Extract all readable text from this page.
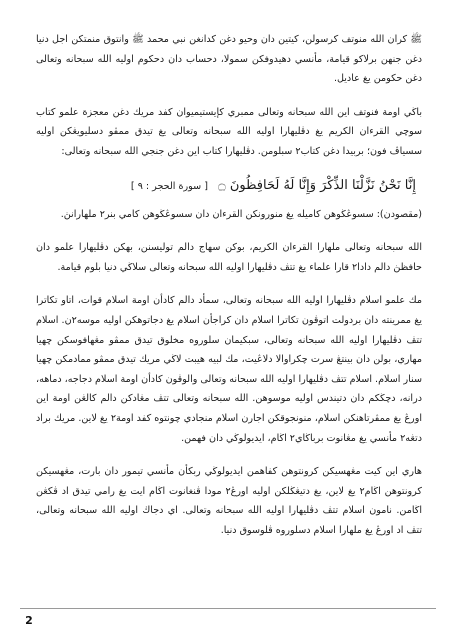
ﷺ كران الله منوتف كرسولن، كيتين دان وحيو دغن كدانغن نبي محمد ﷺ وانتوق منمتكن اجل دنيا دغن جنهن برلاكو قيامة، مأنسي دهيدوفكن سمولا، دحساب دان دحكوم اوليه الله سبحانه وتعالى دغن حكومن يغ عاديل.

باڬي اومة فنوتف اين الله سبحانه وتعالى ممبري كإيستيميوان كفد مريك دغن معجزة علمو كتاب سوچي القرءان الكريم يغ دڤليهارا اوليه الله سبحانه وتعالى يغ تيدق ممڤو دسليويڠكن اوليه سسياڤ فون؛ بربيدا دغن كتاب٢ سبلومن. دڤليهارا كتاب اين دغن جنجي الله سبحانه وتعالى:

إِنَّا نَحْنُ نَزَّلْنَا الذِّكْرَ وَإِنَّا لَهُ لَحَافِظُونَ ۝ [ سورة الحجر : ٩ ]

(مقصودن): سسوڠڬوهن كاميله يغ منورونكن القرءان دان سسوڠڬوهن كامي بنر٢ ملهارانڽ.

الله سبحانه وتعالى ملهارا القرءان الكريم، بوكن سهاج دالم توليسنن، بهكن دڤليهارا علمو دان حافظڽ دالم دادا٢ قارا علماء يغ تتڤ دڤليهارا اوليه الله سبحانه وتعالى سلاڬي دنيا بلوم قيامة.

مك علمو اسلام دڤليهارا اوليه الله سبحانه وتعالى، سمأد دالم كادأن اومة اسلام قوات، اتاو تكاترا يغ ممرينته دان بردولت اتوڤون تكاترا اسلام دان كراجأن اسلام يغ دجاتوهكن اوليه موسه٢ن. اسلام تتڤ دڤليهارا اوليه الله سبحانه وتعالى، سبكيمان سلوروه مخلوق تيدق ممڤو مڠهافوسكن چهيا مهاري، بولن دان بينتڠ سرت چكراوالا دلاڠيت، مك لبيه هيبت لاڬي مريك تيدق ممڤو ممادمكن چهيا سنار اسلام. اسلام تتڤ دڤليهارا اوليه الله سبحانه وتعالى والوڤون كادأن اومة اسلام دجاجه، دماهه، درانه، دچڬكم دان دتيندس اوليه موسوهن. الله سبحانه وتعالى تتڤ مڠادكن دالم كالڠن اومة اين اورڠ يغ ممڤرتاهنكن اسلام، منونجوقكن اجارن اسلام منجادي چونتوه كفد اومة٢ يغ لاين. مريك براد دتڠه٢ مأنسي يغ مڠانوت برباڬاي٢ اڬام، ايديولوڬي دان فهمن.

هاري اين كيت مڠهسيكن كرونتوهن كفاهمن ايديولوڬي ربكأن مأنسي تيمور دان بارت، مڠهسيكن كرونتوهن اڬام٢ يغ لاين، يغ دتيڠڬلكن اوليه اورڠ٢ مودا ڤنغانوت اڬام ايت يغ رامي تيدق اد ڤكڠن اڬامن. نامون اسلام تتڤ دڤليهارا اوليه الله سبحانه وتعالى. اي دجاڬ اوليه الله سبحانه وتعالى، تتڤ اد اورڠ يغ ملهارا اسلام دسلوروه ڤلوسوق دنيا.

2
